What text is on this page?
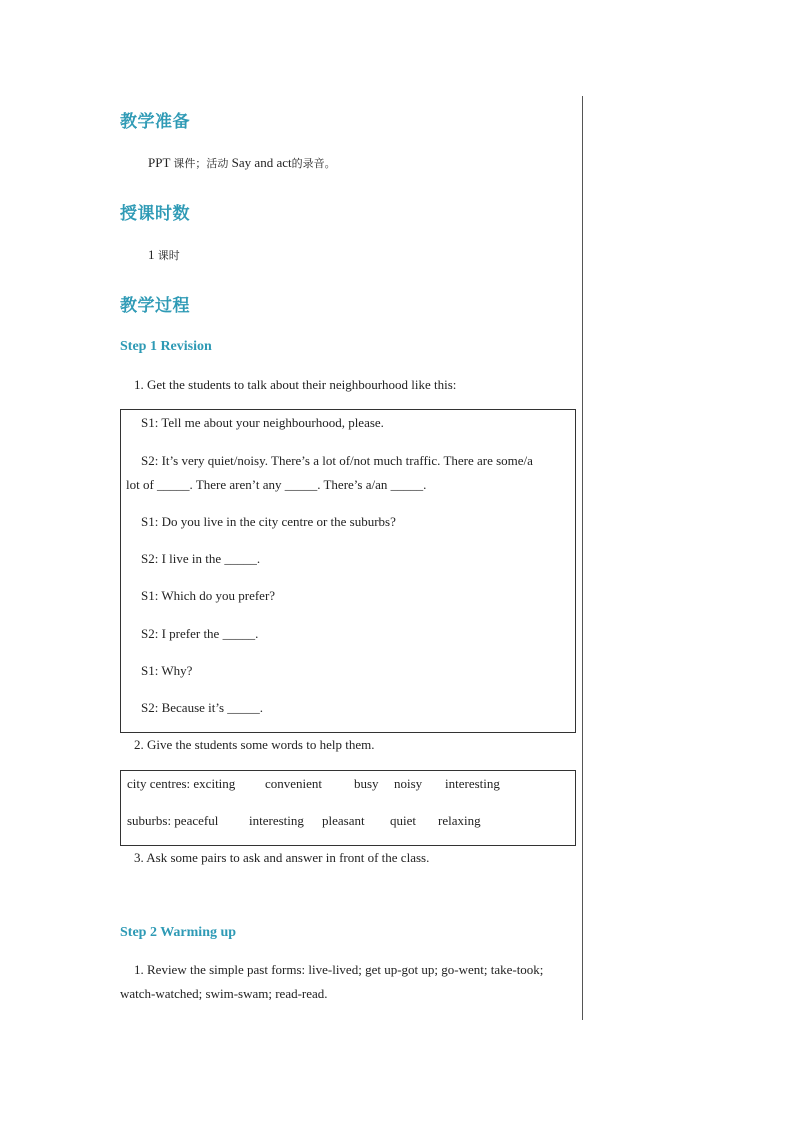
教学准备
PPT 课件；活动 Say and act的录音。
授课时数
1 课时
教学过程
Step 1 Revision
1. Get the students to talk about their neighbourhood like this:
S1: Tell me about your neighbourhood, please.
S2: It’s very quiet/noisy. There’s a lot of/not much traffic. There are some/a
lot of _____. There aren’t any _____. There’s a/an _____.
S1: Do you live in the city centre or the suburbs?
S2: I live in the _____.
S1: Which do you prefer?
S2: I prefer the _____.
S1: Why?
S2: Because it’s _____.
2. Give the students some words to help them.
city centres: exciting convenient busy noisy interesting
suburbs: peaceful interesting pleasant quiet relaxing
3. Ask some pairs to ask and answer in front of the class.
Step 2 Warming up
1. Review the simple past forms: live-lived; get up-got up; go-went; take-took;
watch-watched; swim-swam; read-read.
